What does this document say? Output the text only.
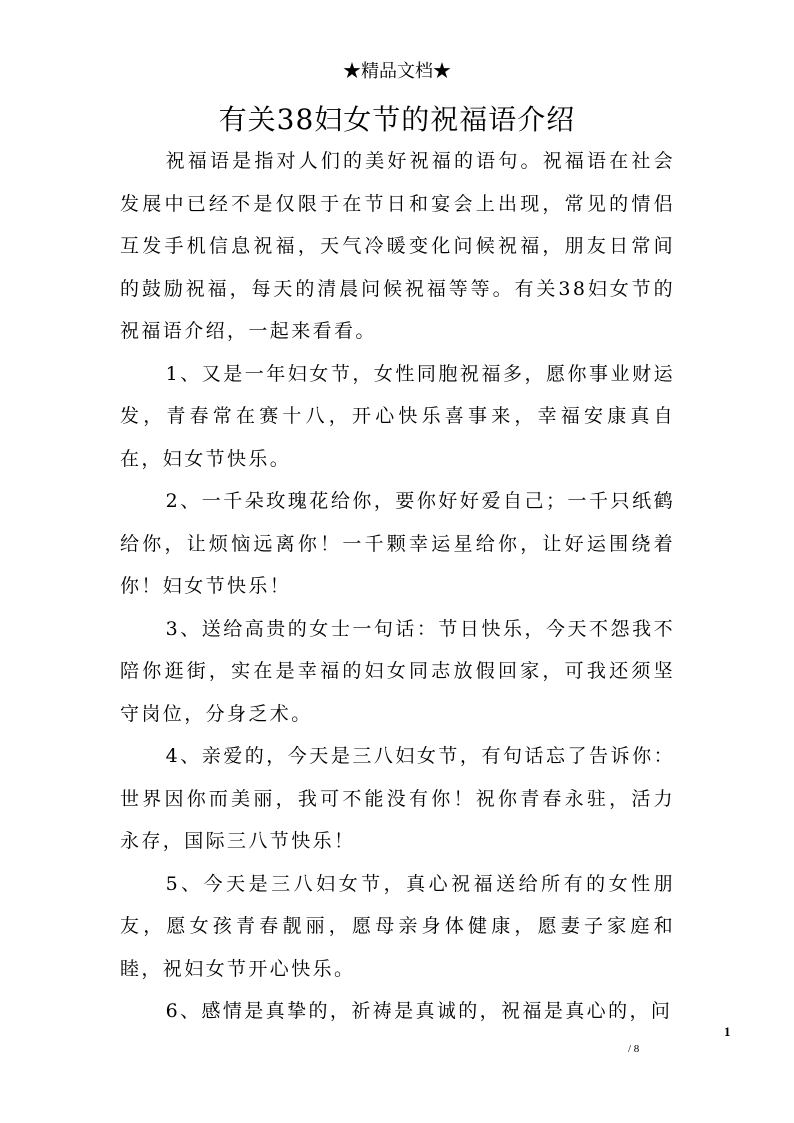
★精品文档★
有关38妇女节的祝福语介绍

祝福语是指对人们的美好祝福的语句。祝福语在社会发展中已经不是仅限于在节日和宴会上出现，常见的情侣互发手机信息祝福，天气冷暖变化问候祝福，朋友日常间的鼓励祝福，每天的清晨问候祝福等等。有关38妇女节的祝福语介绍，一起来看看。

1、又是一年妇女节，女性同胞祝福多，愿你事业财运发，青春常在赛十八，开心快乐喜事来，幸福安康真自在，妇女节快乐。

2、一千朵玫瑰花给你，要你好好爱自己；一千只纸鹤给你，让烦恼远离你！一千颗幸运星给你，让好运围绕着你！妇女节快乐！

3、送给高贵的女士一句话：节日快乐，今天不怨我不陪你逛街，实在是幸福的妇女同志放假回家，可我还须坚守岗位，分身乏术。

4、亲爱的，今天是三八妇女节，有句话忘了告诉你：世界因你而美丽，我可不能没有你！祝你青春永驻，活力永存，国际三八节快乐！

5、今天是三八妇女节，真心祝福送给所有的女性朋友，愿女孩青春靓丽，愿母亲身体健康，愿妻子家庭和睦，祝妇女节开心快乐。

6、感情是真挚的，祈祷是真诚的，祝福是真心的，问

1
/ 8
